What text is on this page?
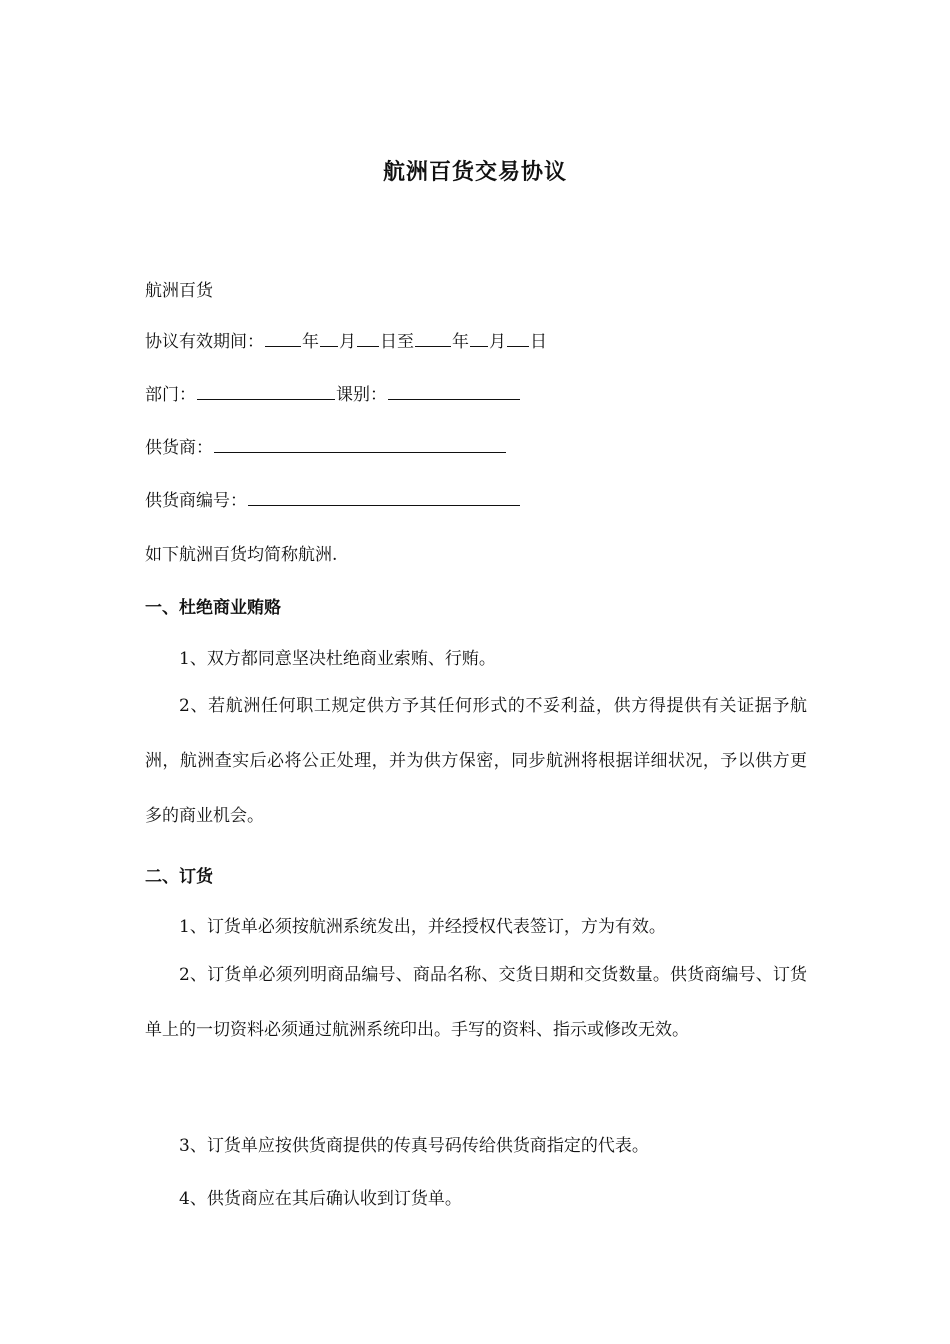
航洲百货交易协议
航洲百货
协议有效期间： 年 月 日至 年 月 日
部门：	课别：
供货商：
供货商编号：
如下航洲百货均简称航洲.
一、杜绝商业贿赂
1、双方都同意坚决杜绝商业索贿、行贿。
2、若航洲任何职工规定供方予其任何形式的不妥利益，供方得提供有关证据予航洲，航洲查实后必将公正处理，并为供方保密，同步航洲将根据详细状况，予以供方更多的商业机会。
二、订货
1、订货单必须按航洲系统发出，并经授权代表签订，方为有效。
2、订货单必须列明商品编号、商品名称、交货日期和交货数量。供货商编号、订货单上的一切资料必须通过航洲系统印出。手写的资料、指示或修改无效。
3、订货单应按供货商提供的传真号码传给供货商指定的代表。
4、供货商应在其后确认收到订货单。
